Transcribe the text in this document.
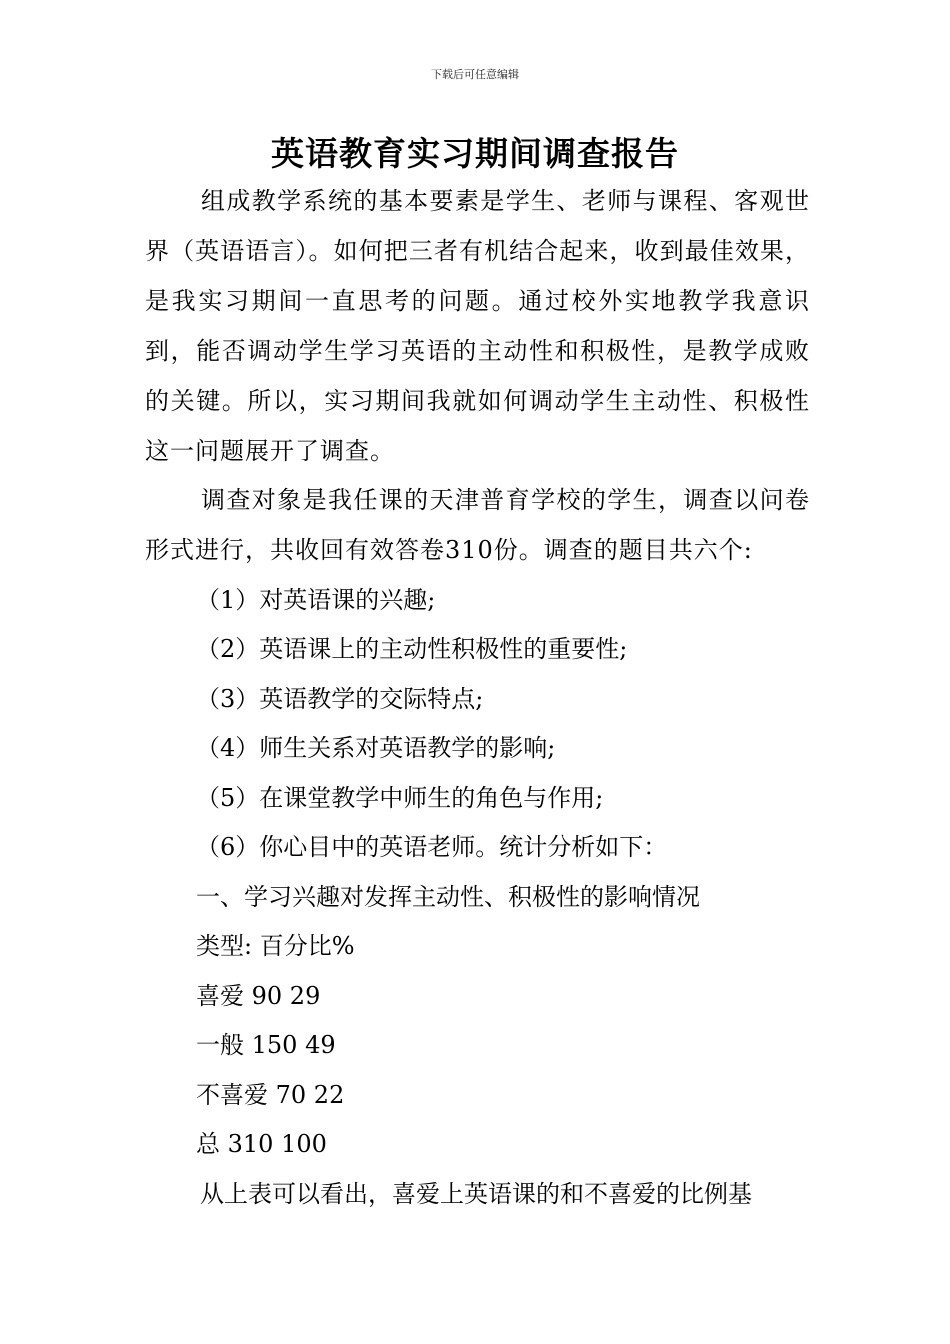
下载后可任意编辑
英语教育实习期间调查报告
组成教学系统的基本要素是学生、老师与课程、客观世界（英语语言）。如何把三者有机结合起来，收到最佳效果，是我实习期间一直思考的问题。通过校外实地教学我意识到，能否调动学生学习英语的主动性和积极性，是教学成败的关键。所以，实习期间我就如何调动学生主动性、积极性这一问题展开了调查。
调查对象是我任课的天津普育学校的学生，调查以问卷形式进行，共收回有效答卷310份。调查的题目共六个:
（1）对英语课的兴趣;
（2）英语课上的主动性积极性的重要性;
（3）英语教学的交际特点;
（4）师生关系对英语教学的影响;
（5）在课堂教学中师生的角色与作用;
（6）你心目中的英语老师。统计分析如下：
一、学习兴趣对发挥主动性、积极性的影响情况
类型: 百分比%
喜爱 90 29
一般 150 49
不喜爱 70 22
总 310 100
从上表可以看出，喜爱上英语课的和不喜爱的比例基
